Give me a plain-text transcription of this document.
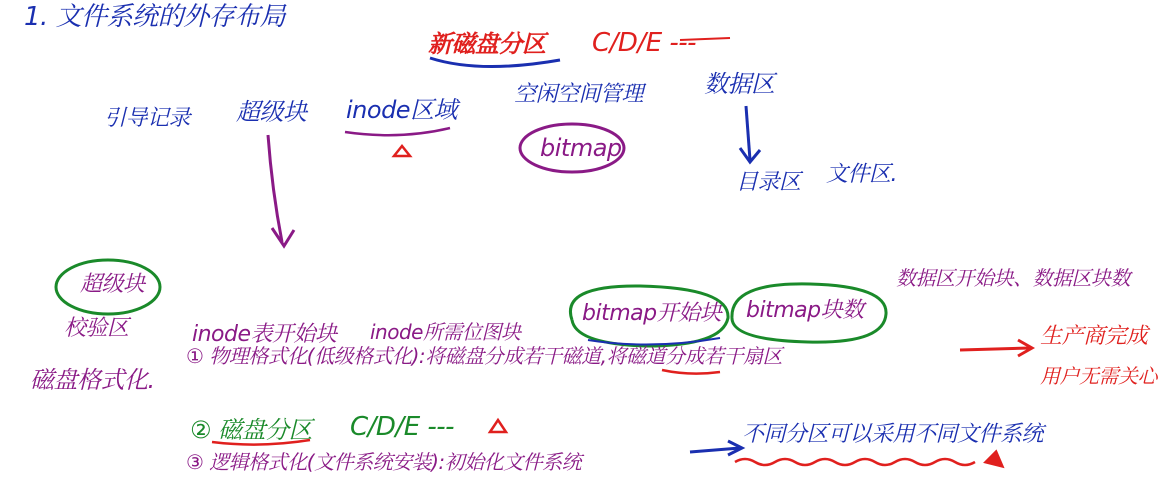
1. 文件系统的外存布局
新磁盘分区 C/D/E ---
引导记录 超级块 inode区域
空闲空间管理	数据区
bitmap
目录区 文件区.
超级块
校验区	inode表开始块 inode所需位图块
bitmap开始块 bitmap块数
数据区开始块、数据区块数
磁盘格式化.
① 物理格式化(低级格式化):将磁盘分成若干磁道,将磁道分成若干扇区
生产商完成
用户无需关心
② 磁盘分区 C/D/E ---
③ 逻辑格式化(文件系统安装):初始化文件系统
不同分区可以采用不同文件系统
